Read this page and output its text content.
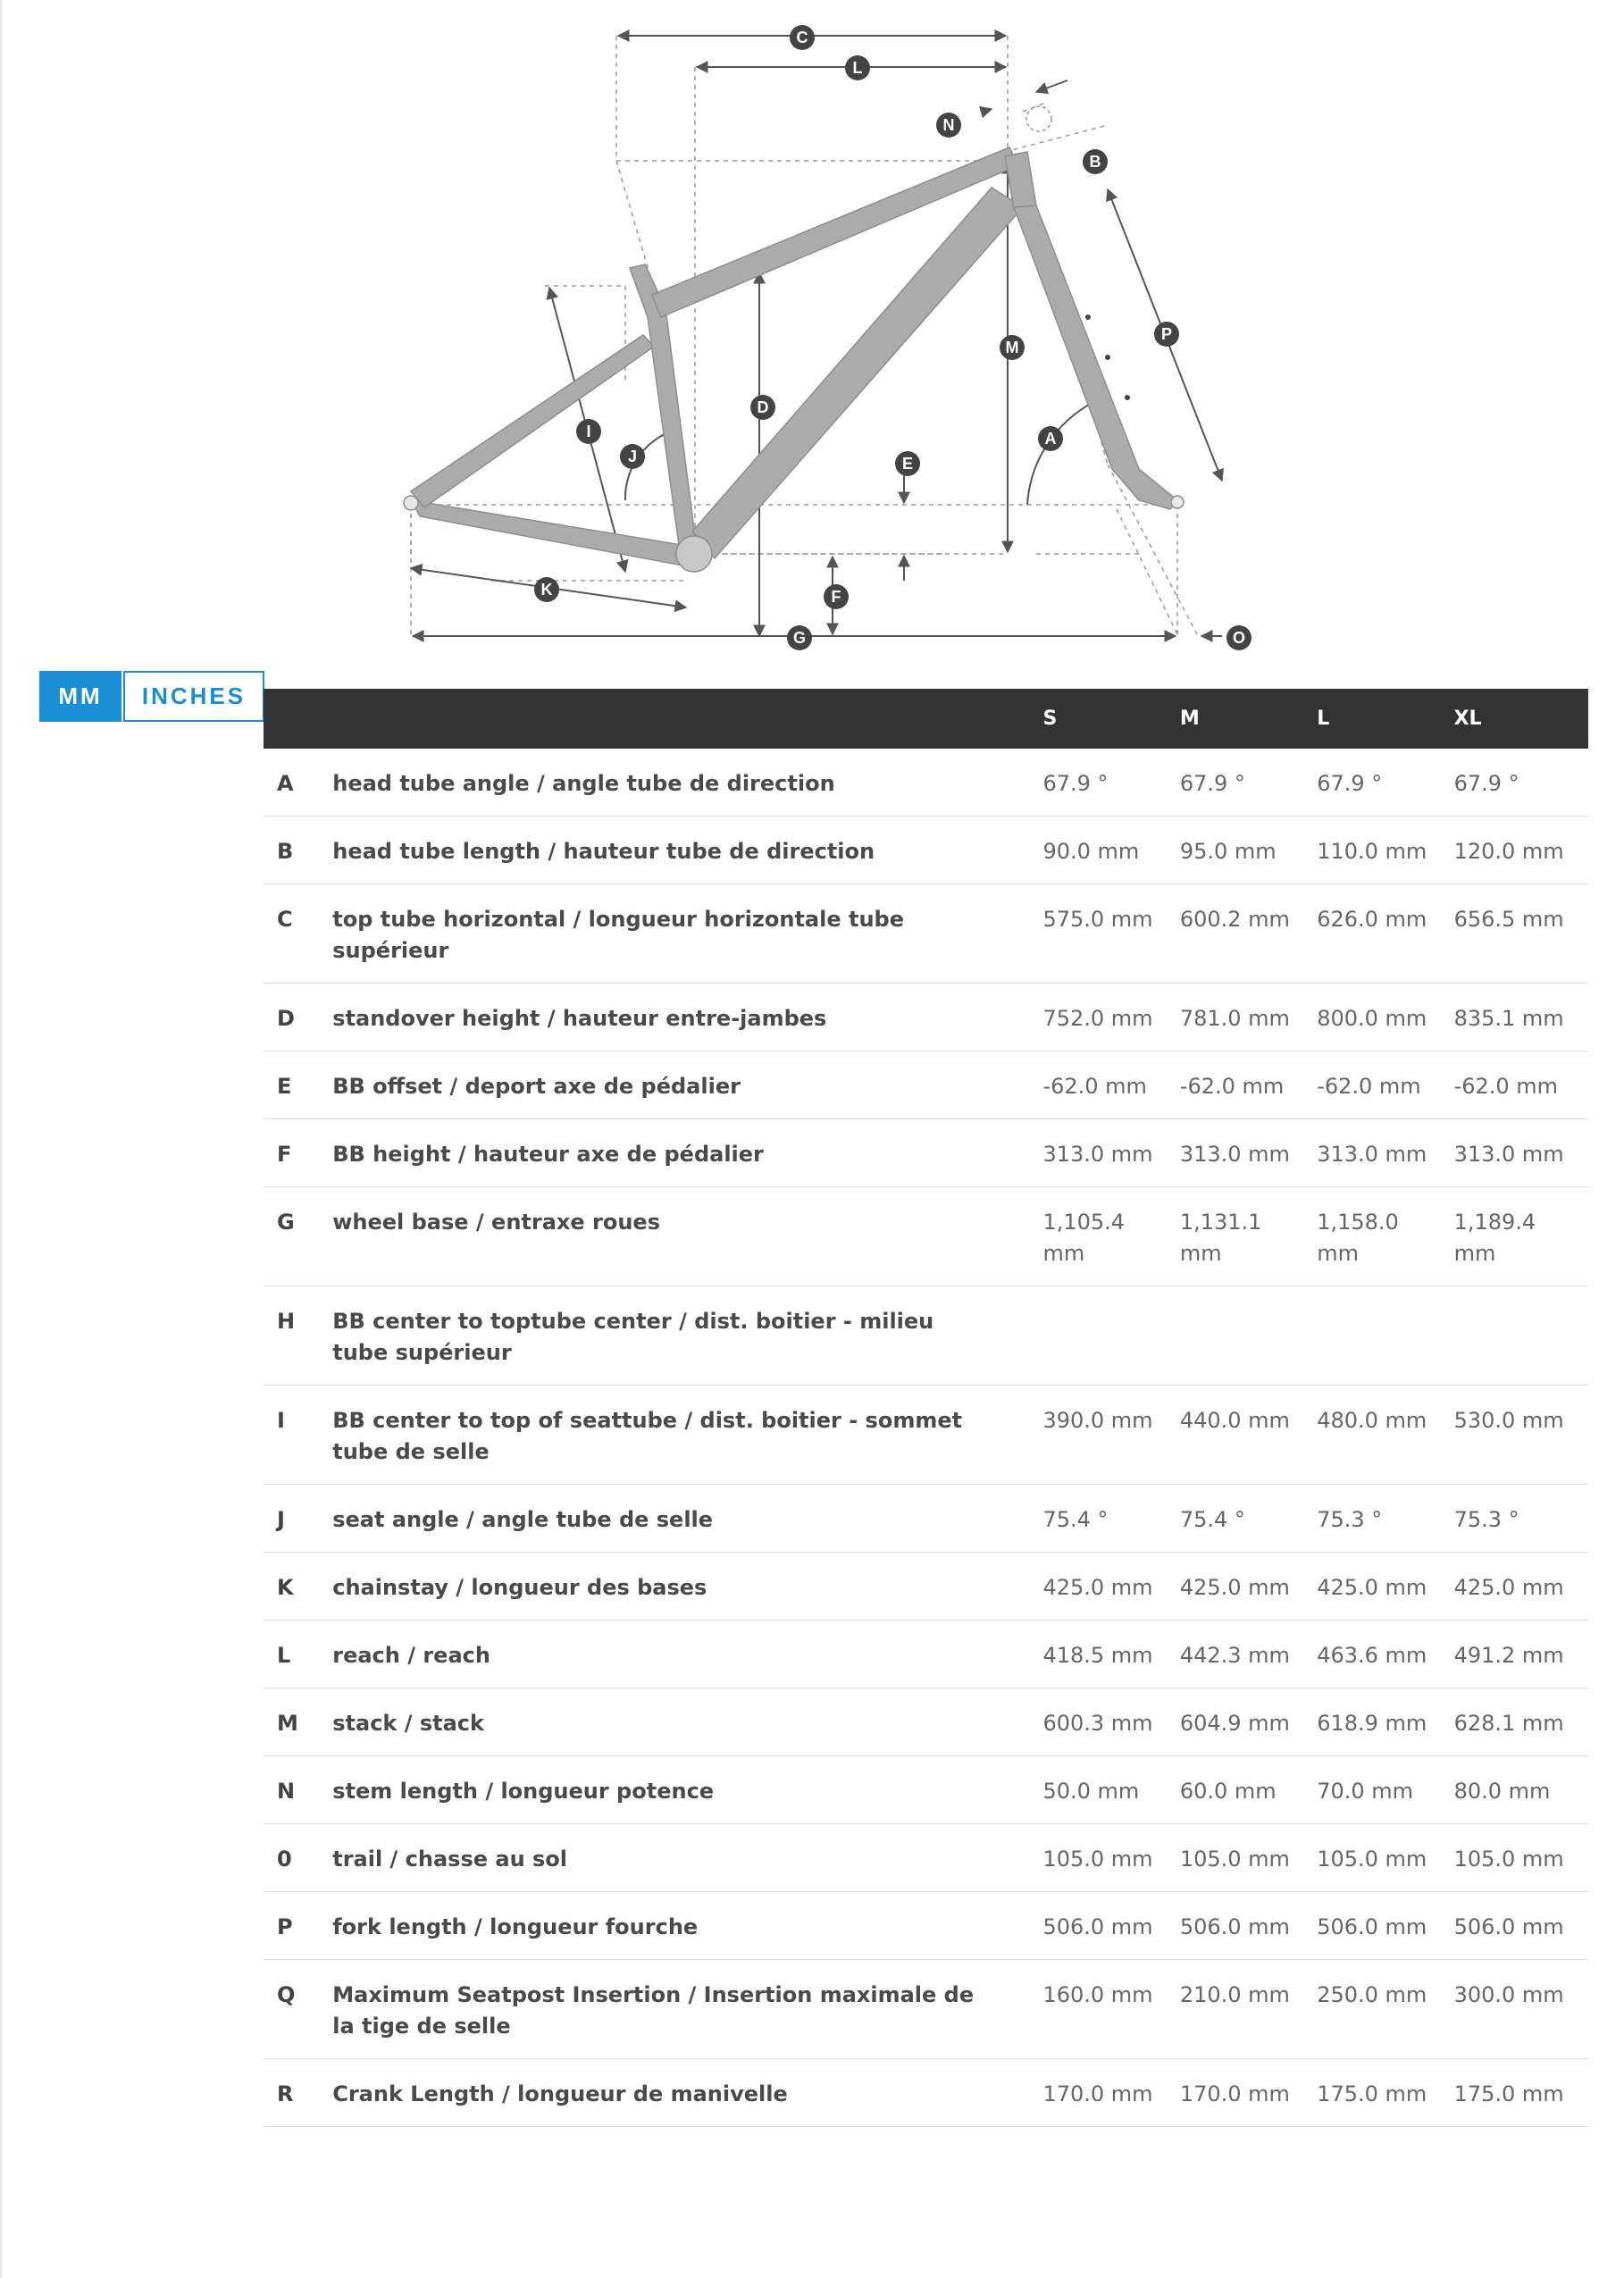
A
B
C
D
E
F
G
I
J
K
L
M
N
O
P
MM	INCHES
		S	M	L	XL
A	head tube angle / angle tube de direction	67.9 °	67.9 °	67.9 °	67.9 °
B	head tube length / hauteur tube de direction	90.0 mm	95.0 mm	110.0 mm	120.0 mm
C	top tube horizontal / longueur horizontale tube supérieur	575.0 mm	600.2 mm	626.0 mm	656.5 mm
D	standover height / hauteur entre-jambes	752.0 mm	781.0 mm	800.0 mm	835.1 mm
E	BB offset / deport axe de pédalier	-62.0 mm	-62.0 mm	-62.0 mm	-62.0 mm
F	BB height / hauteur axe de pédalier	313.0 mm	313.0 mm	313.0 mm	313.0 mm
G	wheel base / entraxe roues	1,105.4 mm	1,131.1 mm	1,158.0 mm	1,189.4 mm
H	BB center to toptube center / dist. boitier - milieu tube supérieur				
I	BB center to top of seattube / dist. boitier - sommet tube de selle	390.0 mm	440.0 mm	480.0 mm	530.0 mm
J	seat angle / angle tube de selle	75.4 °	75.4 °	75.3 °	75.3 °
K	chainstay / longueur des bases	425.0 mm	425.0 mm	425.0 mm	425.0 mm
L	reach / reach	418.5 mm	442.3 mm	463.6 mm	491.2 mm
M	stack / stack	600.3 mm	604.9 mm	618.9 mm	628.1 mm
N	stem length / longueur potence	50.0 mm	60.0 mm	70.0 mm	80.0 mm
0	trail / chasse au sol	105.0 mm	105.0 mm	105.0 mm	105.0 mm
P	fork length / longueur fourche	506.0 mm	506.0 mm	506.0 mm	506.0 mm
Q	Maximum Seatpost Insertion / Insertion maximale de la tige de selle	160.0 mm	210.0 mm	250.0 mm	300.0 mm
R	Crank Length / longueur de manivelle	170.0 mm	170.0 mm	175.0 mm	175.0 mm
